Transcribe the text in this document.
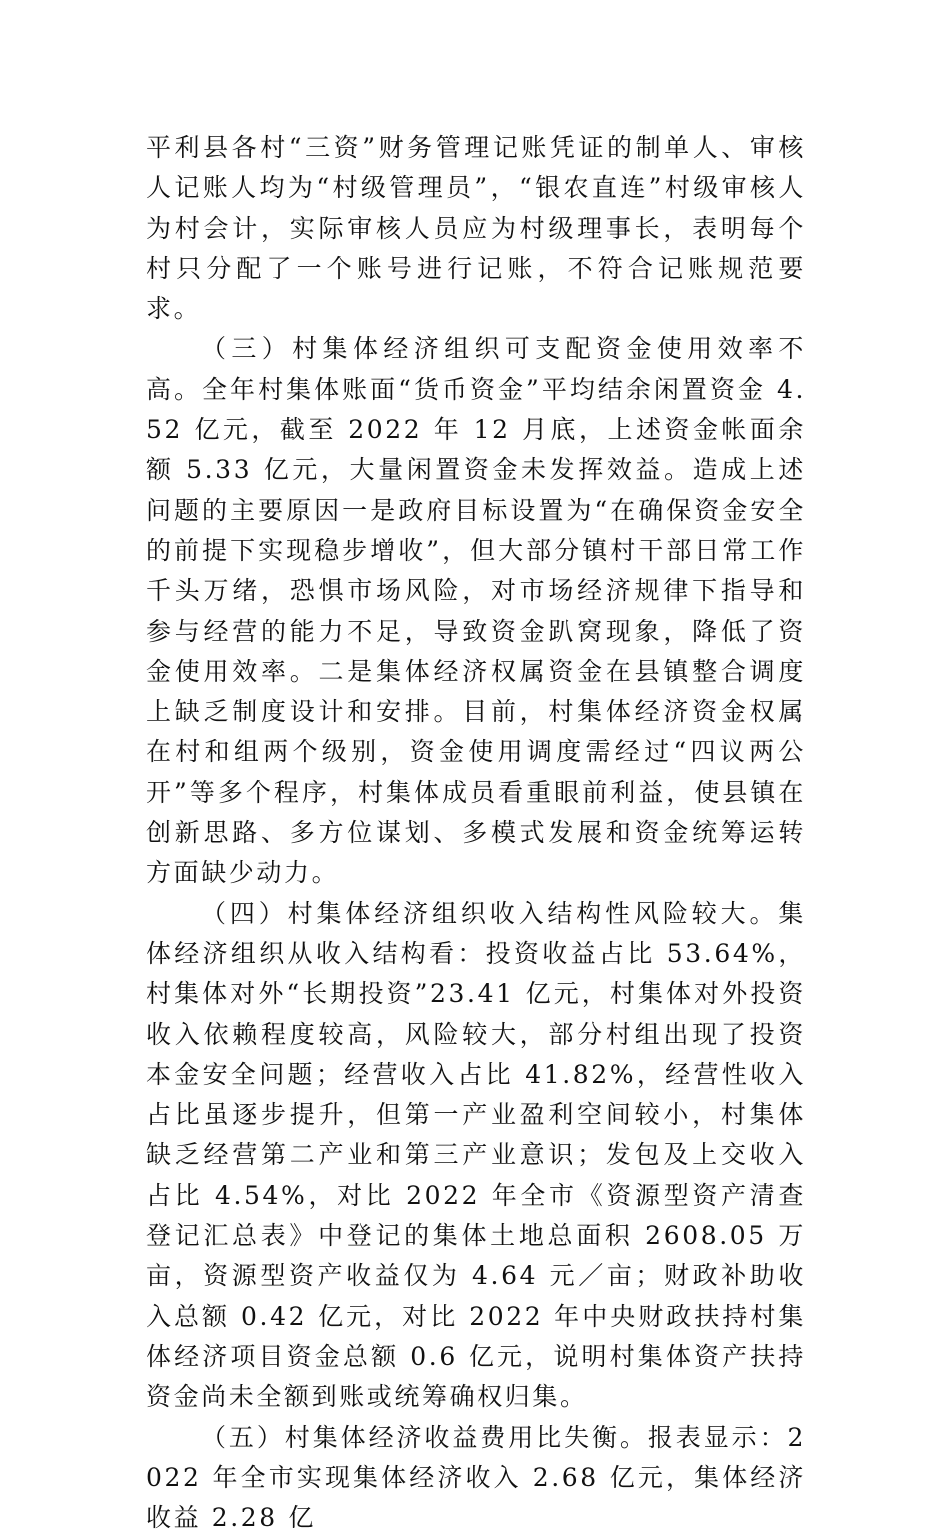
平利县各村“三资”财务管理记账凭证的制单人、审核人记账人均为“村级管理员”，“银农直连”村级审核人为村会计，实际审核人员应为村级理事长，表明每个村只分配了一个账号进行记账，不符合记账规范要求。

（三）村集体经济组织可支配资金使用效率不高。全年村集体账面“货币资金”平均结余闲置资金 4.52 亿元，截至 2022 年 12 月底，上述资金帐面余额 5.33 亿元，大量闲置资金未发挥效益。造成上述问题的主要原因一是政府目标设置为“在确保资金安全的前提下实现稳步增收”，但大部分镇村干部日常工作千头万绪，恐惧市场风险，对市场经济规律下指导和参与经营的能力不足，导致资金趴窝现象，降低了资金使用效率。二是集体经济权属资金在县镇整合调度上缺乏制度设计和安排。目前，村集体经济资金权属在村和组两个级别，资金使用调度需经过“四议两公开”等多个程序，村集体成员看重眼前利益，使县镇在创新思路、多方位谋划、多模式发展和资金统筹运转方面缺少动力。

（四）村集体经济组织收入结构性风险较大。集体经济组织从收入结构看：投资收益占比 53.64%，村集体对外“长期投资”23.41 亿元，村集体对外投资收入依赖程度较高，风险较大，部分村组出现了投资本金安全问题；经营收入占比 41.82%，经营性收入占比虽逐步提升，但第一产业盈利空间较小，村集体缺乏经营第二产业和第三产业意识；发包及上交收入占比 4.54%，对比 2022 年全市《资源型资产清查登记汇总表》中登记的集体土地总面积 2608.05 万亩，资源型资产收益仅为 4.64 元／亩；财政补助收入总额 0.42 亿元，对比 2022 年中央财政扶持村集体经济项目资金总额 0.6 亿元，说明村集体资产扶持资金尚未全额到账或统筹确权归集。

（五）村集体经济收益费用比失衡。报表显示：2022 年全市实现集体经济收入 2.68 亿元，集体经济收益 2.28 亿
